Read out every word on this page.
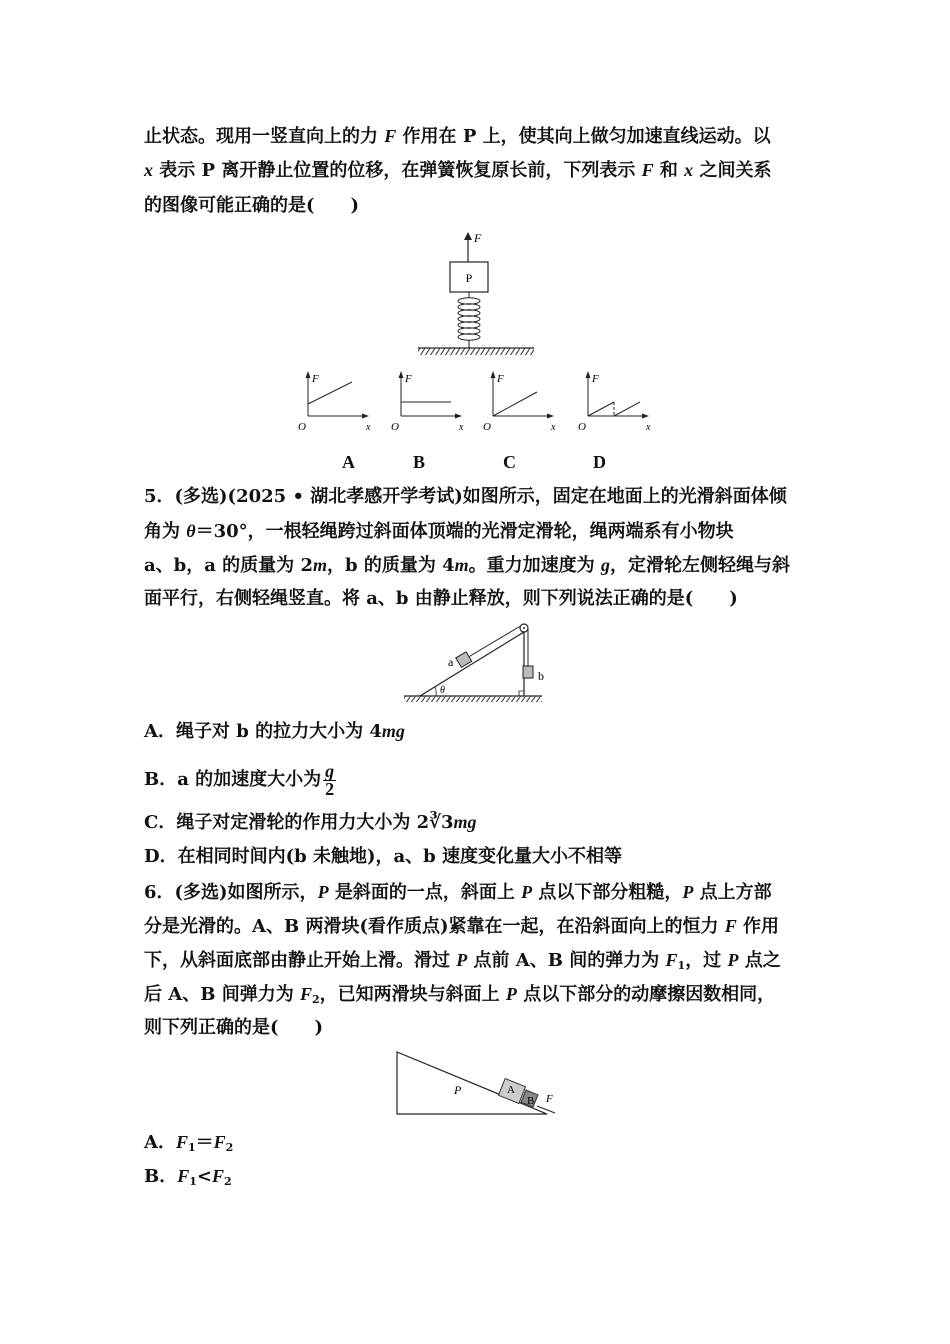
止状态。现用一竖直向上的力 F 作用在 P 上，使其向上做匀加速直线运动。以
x 表示 P 离开静止位置的位移，在弹簧恢复原长前，下列表示 F 和 x 之间关系
的图像可能正确的是(　　)
F
P
F
x
O
F
x
O
F
x
O
F
x
O
A	B	C	D
5．(多选)(2025 • 湖北孝感开学考试)如图所示，固定在地面上的光滑斜面体倾
角为 θ＝30°，一根轻绳跨过斜面体顶端的光滑定滑轮，绳两端系有小物块
a、b，a 的质量为 2m，b 的质量为 4m。重力加速度为 g，定滑轮左侧轻绳与斜
面平行，右侧轻绳竖直。将 a、b 由静止释放，则下列说法正确的是(　　)
a
b
θ
A．绳子对 b 的拉力大小为 4mg
B．a 的加速度大小为 $\frac{g}{2}$
C．绳子对定滑轮的作用力大小为 2∛3mg
D．在相同时间内(b 未触地)，a、b 速度变化量大小不相等
6．(多选)如图所示，P 是斜面的一点，斜面上 P 点以下部分粗糙，P 点上方部
分是光滑的。A、B 两滑块(看作质点)紧靠在一起，在沿斜面向上的恒力 F 作用
下，从斜面底部由静止开始上滑。滑过 P 点前 A、B 间的弹力为 $F_1$，过 P 点之
后 A、B 间弹力为 $F_2$，已知两滑块与斜面上 P 点以下部分的动摩擦因数相同，
则下列正确的是(　　)
P	A
B F
A．$F_1=F_2$
B．$F_1<F_2$
